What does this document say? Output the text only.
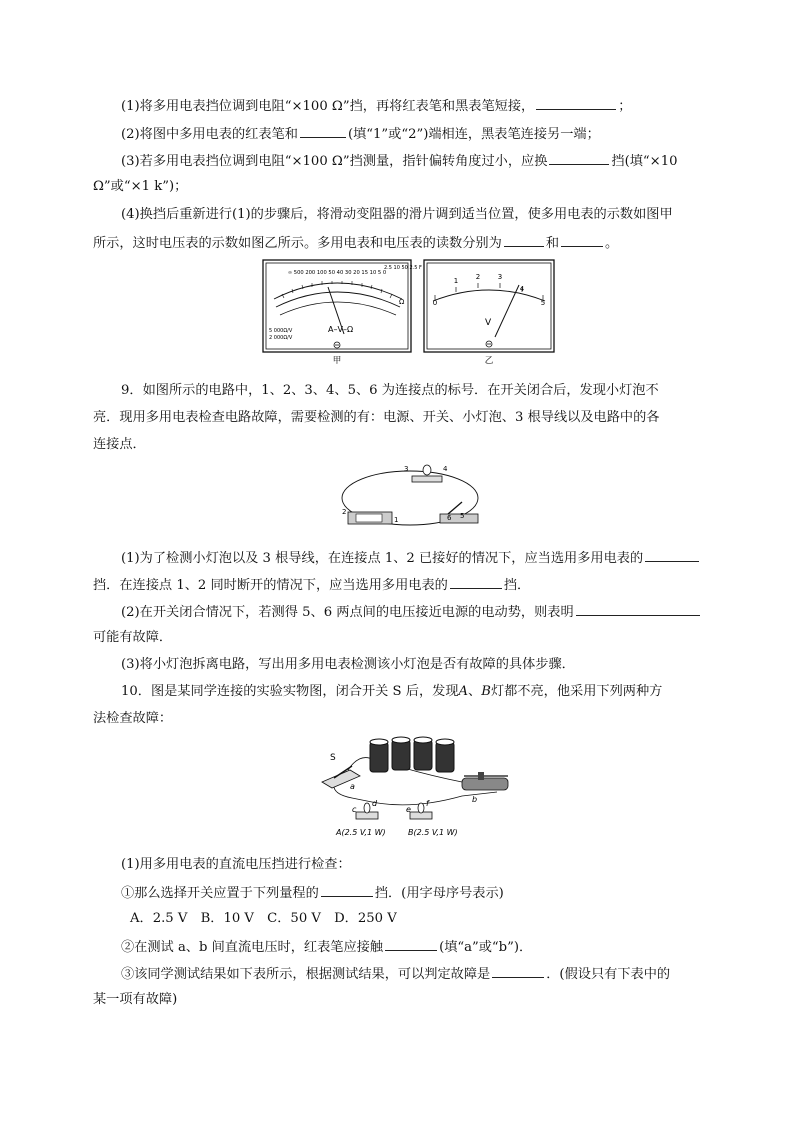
(1)将多用电表挡位调到电阻“×100 Ω”挡，再将红表笔和黑表笔短接，	；
(2)将图中多用电表的红表笔和	(填“1”或“2”)端相连，黑表笔连接另一端；
(3)若多用电表挡位调到电阻“×100 Ω”挡测量，指针偏转角度过小，应换	挡(填“×10
Ω”或“×1 k”)；
(4)换挡后重新进行(1)的步骤后，将滑动变阻器的滑片调到适当位置，使多用电表的示数如图甲
所示，这时电压表的示数如图乙所示。多用电表和电压表的读数分别为	和	。
∞ 500 200 100 50 40 30 20 15 10 5 0
2.5 10 50 2.5 F
Ω
A–V–Ω
5 000Ω/V
2 000Ω/V
甲
0
1	2	3
4
5
V
乙
9．如图所示的电路中，1、2、3、4、5、6 为连接点的标号．在开关闭合后，发现小灯泡不
亮．现用多用电表检查电路故障，需要检测的有：电源、开关、小灯泡、3 根导线以及电路中的各
连接点．
1
2
3	4
5
6
(1)为了检测小灯泡以及 3 根导线，在连接点 1、2 已接好的情况下，应当选用多用电表的
挡．在连接点 1、2 同时断开的情况下，应当选用多用电表的	挡．
(2)在开关闭合情况下，若测得 5、6 两点间的电压接近电源的电动势，则表明
可能有故障．
(3)将小灯泡拆离电路，写出用多用电表检测该小灯泡是否有故障的具体步骤．
10．图是某同学连接的实验实物图，闭合开关 S 后，发现A、B灯都不亮，他采用下列两种方
法检查故障：
S
a
b
c
d
e
f
A(2.5 V,1 W)	B(2.5 V,1 W)
(1)用多用电表的直流电压挡进行检查：
①那么选择开关应置于下列量程的	挡．(用字母序号表示)
A．2.5 V　B．10 V　C．50 V　D．250 V
②在测试 a、b 间直流电压时，红表笔应接触	(填“a”或“b”)．
③该同学测试结果如下表所示，根据测试结果，可以判定故障是	．(假设只有下表中的
某一项有故障)
